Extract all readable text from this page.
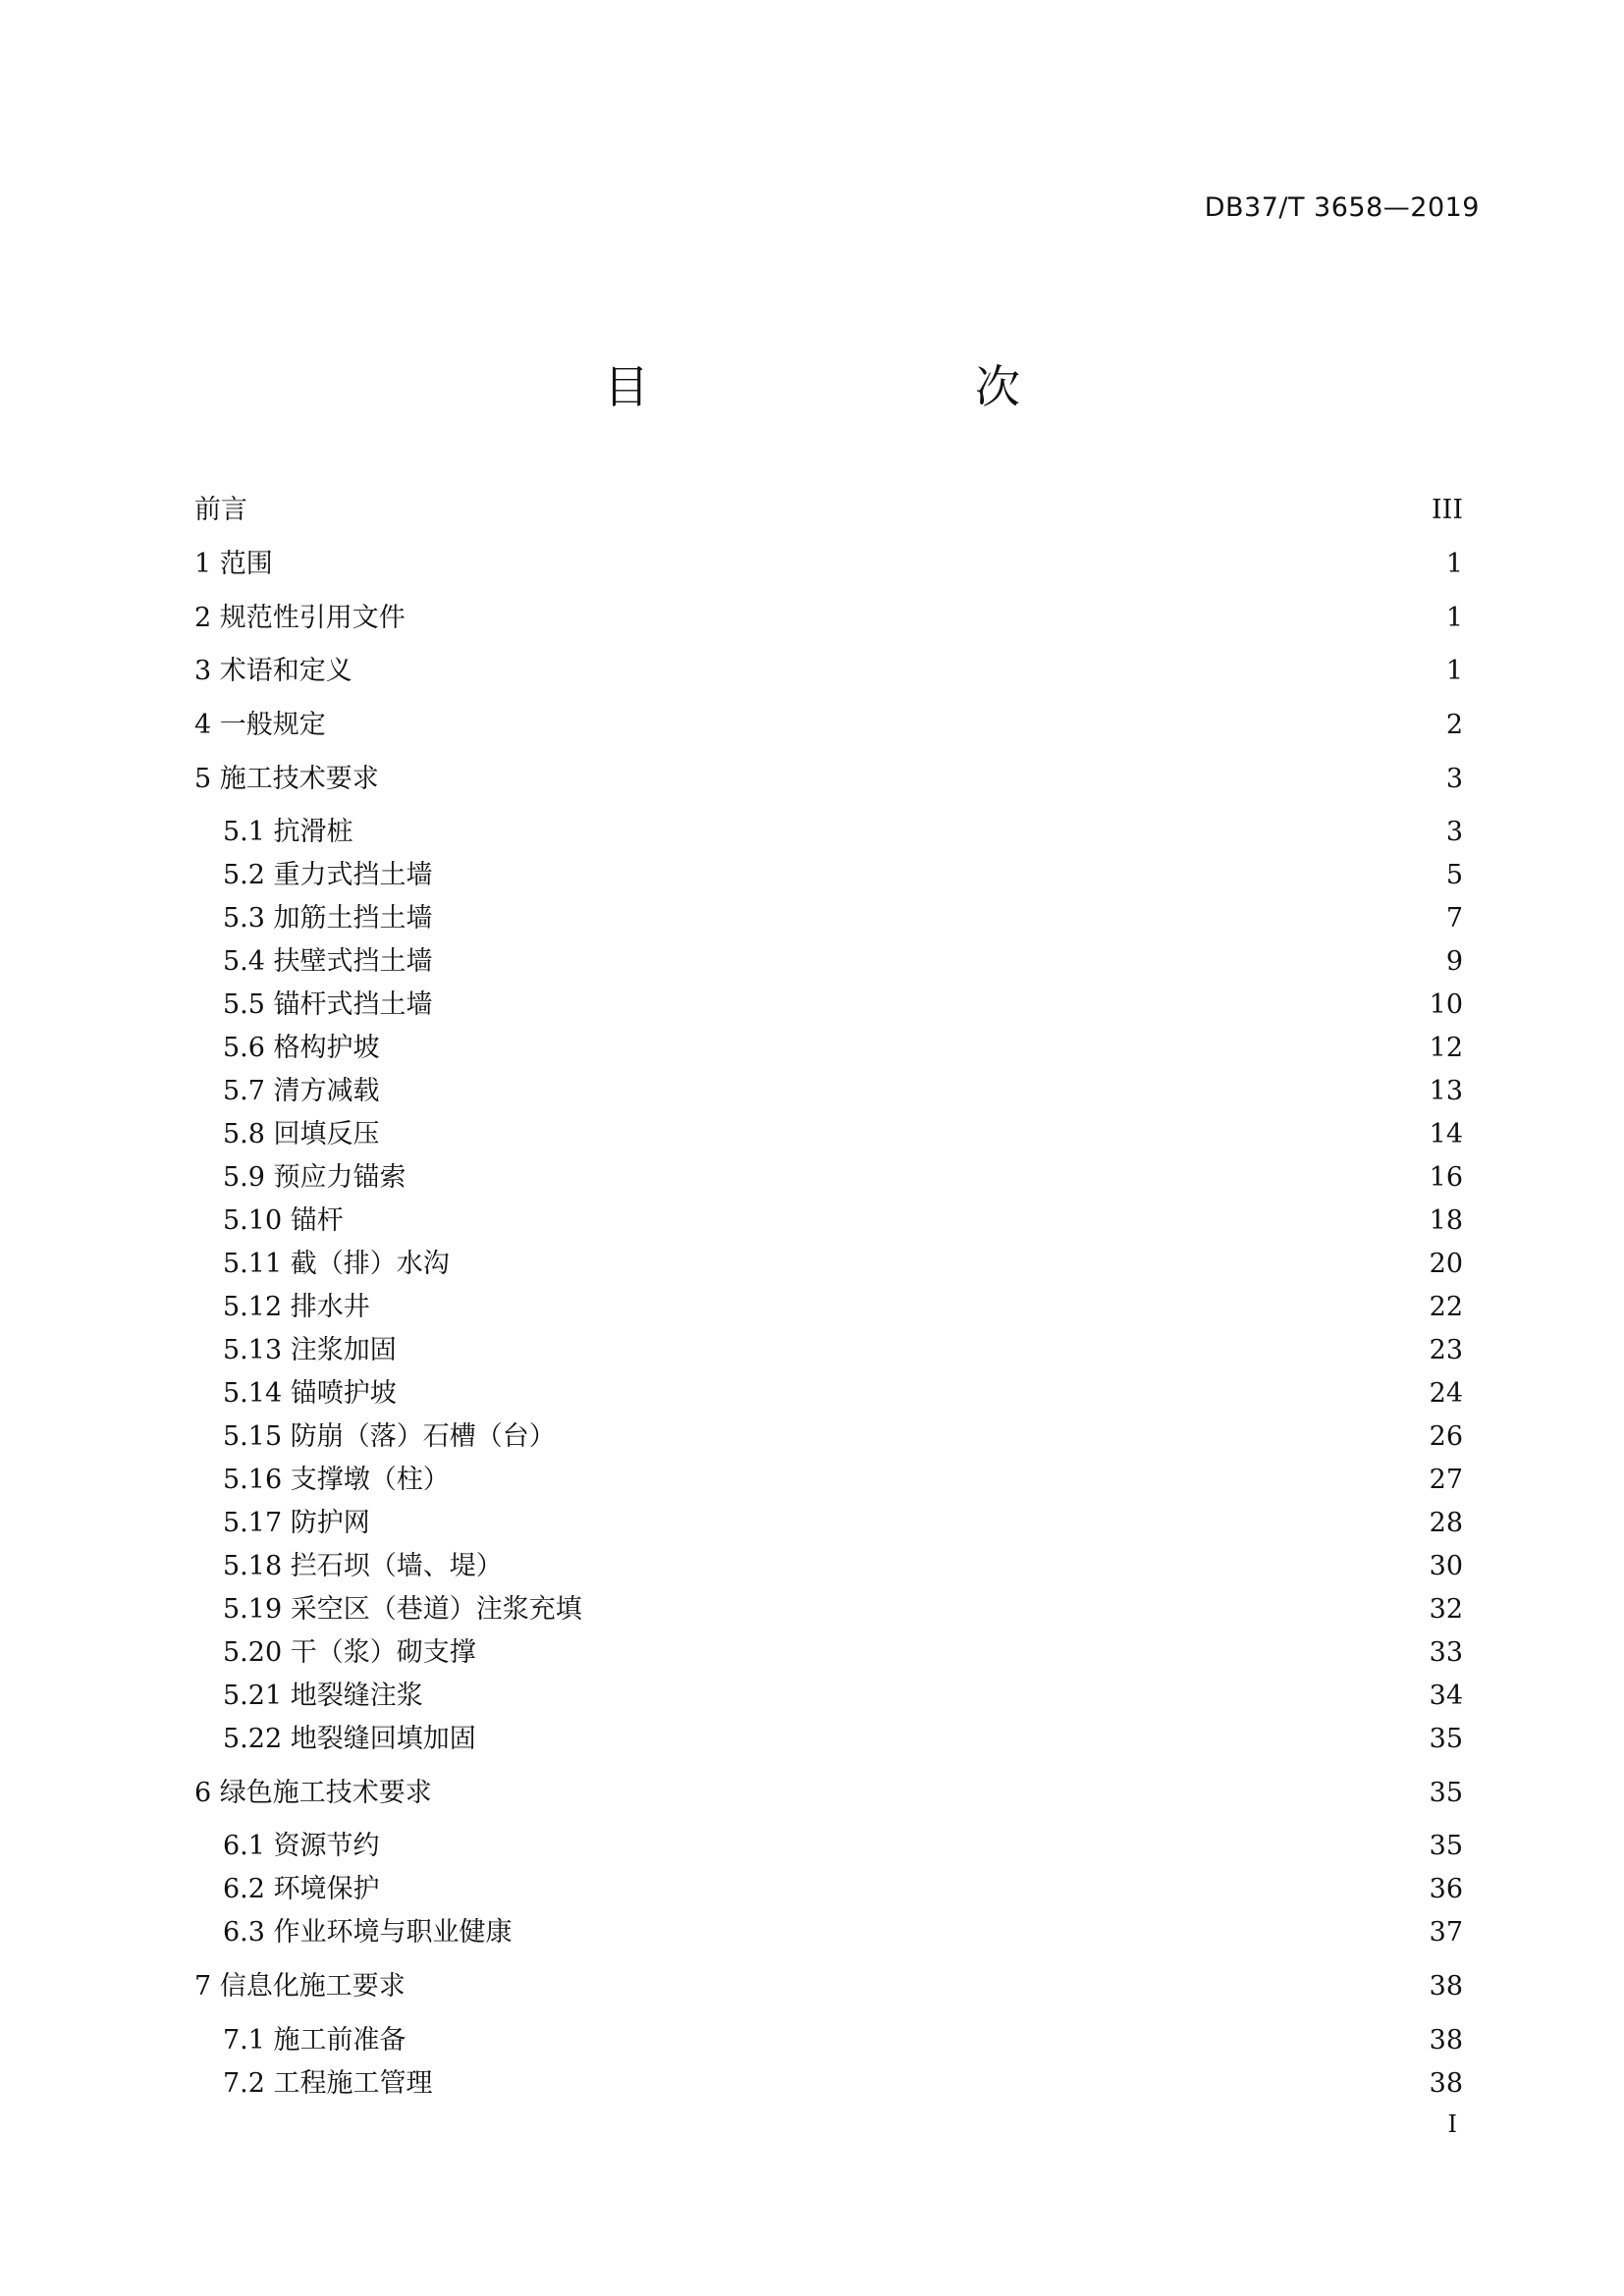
DB37/T 3658—2019
目　　次
前言	III
1 范围	1
2 规范性引用文件	1
3 术语和定义	1
4 一般规定	2
5 施工技术要求	3
5.1 抗滑桩	3
5.2 重力式挡土墙	5
5.3 加筋土挡土墙	7
5.4 扶壁式挡土墙	9
5.5 锚杆式挡土墙	10
5.6 格构护坡	12
5.7 清方减载	13
5.8 回填反压	14
5.9 预应力锚索	16
5.10 锚杆	18
5.11 截（排）水沟	20
5.12 排水井	22
5.13 注浆加固	23
5.14 锚喷护坡	24
5.15 防崩（落）石槽（台）	26
5.16 支撑墩（柱）	27
5.17 防护网	28
5.18 拦石坝（墙、堤）	30
5.19 采空区（巷道）注浆充填	32
5.20 干（浆）砌支撑	33
5.21 地裂缝注浆	34
5.22 地裂缝回填加固	35
6 绿色施工技术要求	35
6.1 资源节约	35
6.2 环境保护	36
6.3 作业环境与职业健康	37
7 信息化施工要求	38
7.1 施工前准备	38
7.2 工程施工管理	38
I
